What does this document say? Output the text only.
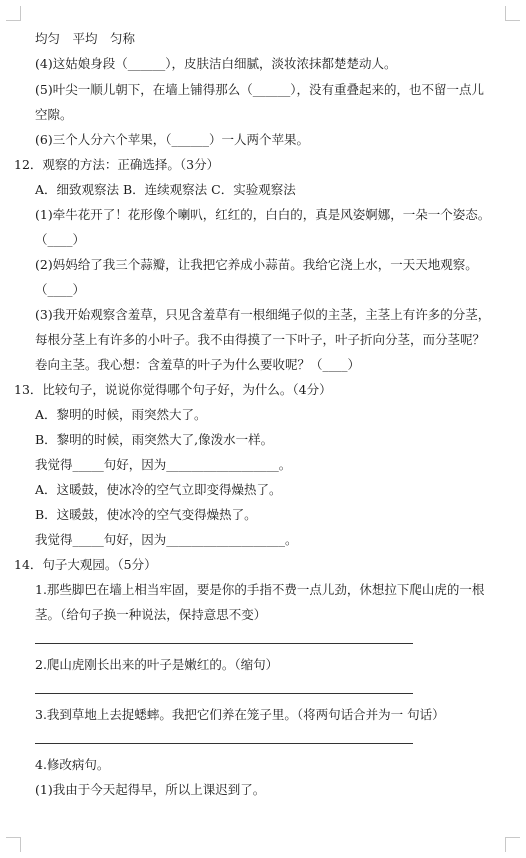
均匀　平均　匀称
(4)这姑娘身段（______），皮肤洁白细腻，淡妆浓抹都楚楚动人。
(5)叶尖一顺儿朝下，在墙上铺得那么（______），没有重叠起来的，也不留一点儿
空隙。
(6)三个人分六个苹果，（______）一人两个苹果。
12．观察的方法：正确选择。（3分）
A．细致观察法 B．连续观察法 C．实验观察法
(1)牵牛花开了！花形像个喇叭，红红的，白白的，真是风姿婀娜，一朵一个姿态。
（____）
(2)妈妈给了我三个蒜瓣，让我把它养成小蒜苗。我给它浇上水，一天天地观察。
（____）
(3)我开始观察含羞草，只见含羞草有一根细绳子似的主茎，主茎上有许多的分茎，
每根分茎上有许多的小叶子。我不由得摸了一下叶子，叶子折向分茎，而分茎呢？
卷向主茎。我心想：含羞草的叶子为什么要收呢？（____）
13．比较句子，说说你觉得哪个句子好，为什么。（4分）
A．黎明的时候，雨突然大了。
B．黎明的时候，雨突然大了,像泼水一样。
我觉得_____句好，因为__________________。
A．这暖鼓，使冰冷的空气立即变得燥热了。
B．这暖鼓，使冰冷的空气变得燥热了。
我觉得_____句好，因为___________________。
14．句子大观园。（5分）
1.那些脚巴在墙上相当牢固，要是你的手指不费一点儿劲，休想拉下爬山虎的一根
茎。（给句子换一种说法，保持意思不变）
2.爬山虎刚长出来的叶子是嫩红的。（缩句）
3.我到草地上去捉蟋蟀。我把它们养在笼子里。（将两句话合并为一 句话）
4.修改病句。
(1)我由于今天起得早，所以上课迟到了。
